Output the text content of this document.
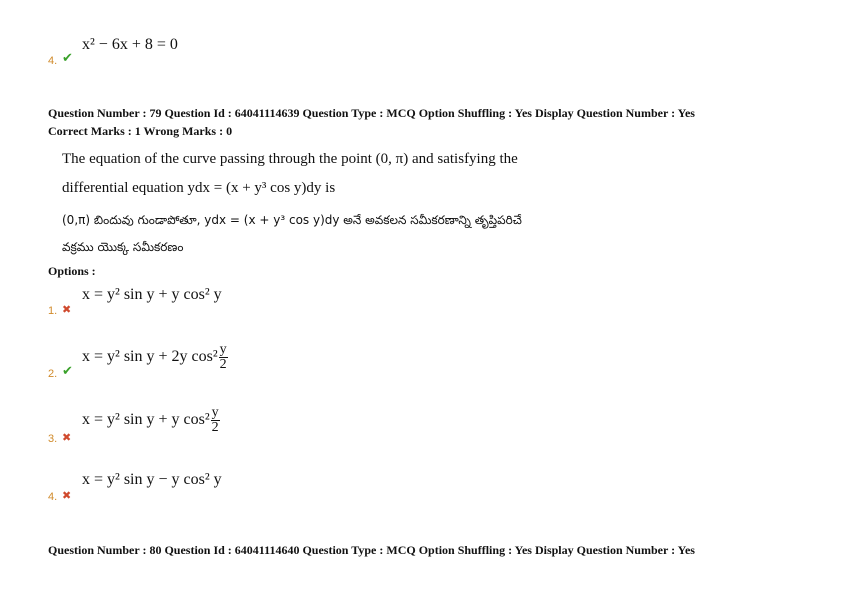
x² − 6x + 8 = 0
4. ✔
Question Number : 79 Question Id : 64041114639 Question Type : MCQ Option Shuffling : Yes Display Question Number : Yes
Correct Marks : 1 Wrong Marks : 0
The equation of the curve passing through the point (0, π) and satisfying the
differential equation ydx = (x + y³ cos y)dy is
(0,π) బిందువు గుండాపోతూ, ydx = (x + y³ cos y)dy అనే అవకలన సమీకరణాన్ని తృప్తిపరిచే
వక్రము యొక్క సమీకరణం
Options :
x = y² sin y + y cos² y
1. ✖
x = y² sin y + 2y $\cos^2 \frac{y}{2}$
2. ✔
x = y² sin y + y $\cos^2 \frac{y}{2}$
3. ✖
x = y² sin y − y cos² y
4. ✖
Question Number : 80 Question Id : 64041114640 Question Type : MCQ Option Shuffling : Yes Display Question Number : Yes
